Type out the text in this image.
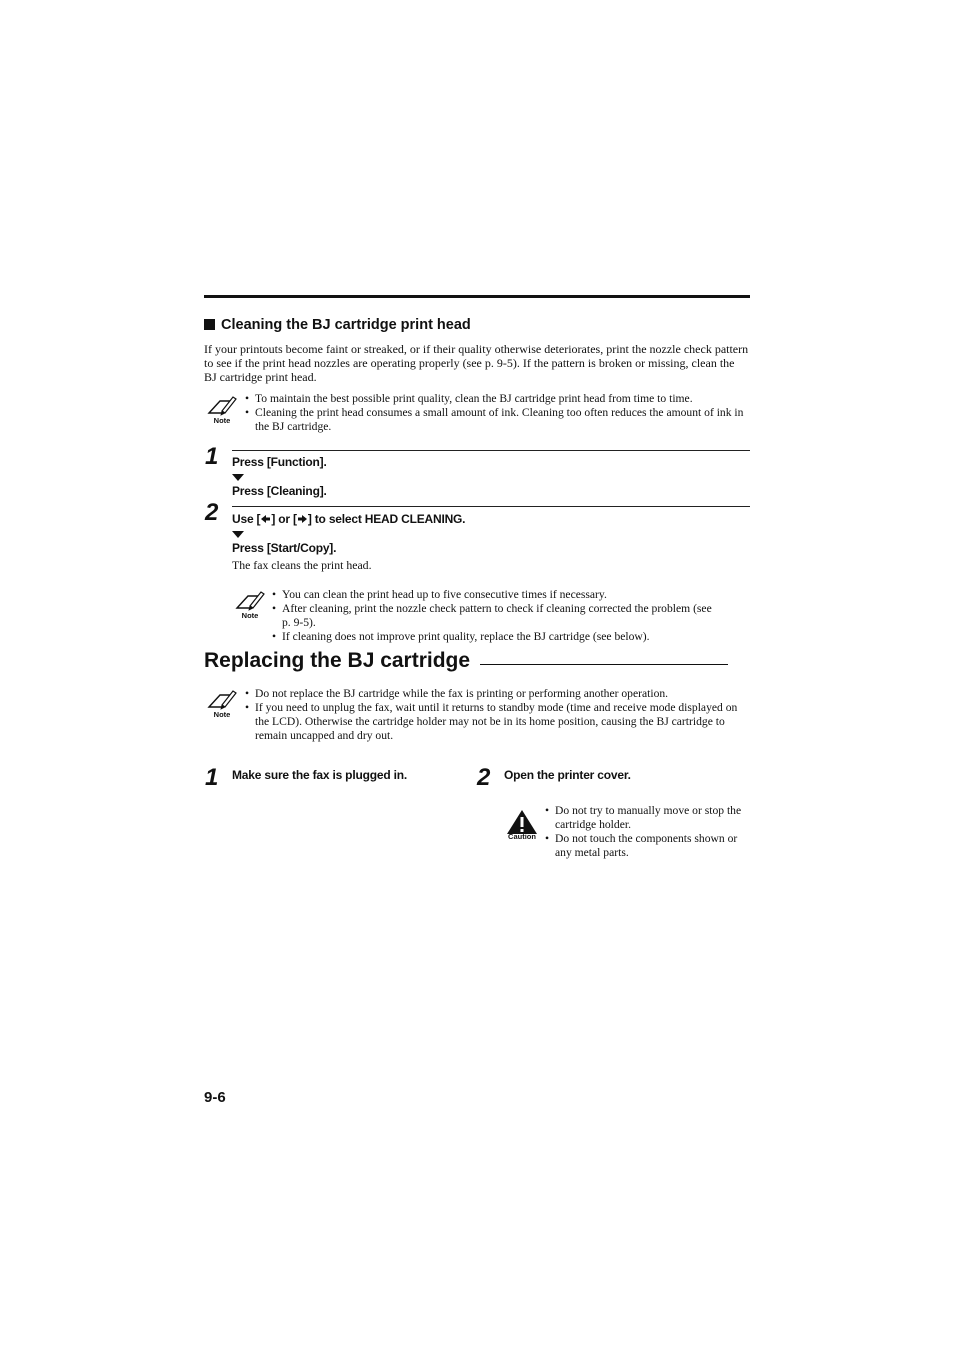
Cleaning the BJ cartridge print head
If your printouts become faint or streaked, or if their quality otherwise deteriorates, print the nozzle check pattern to see if the print head nozzles are operating properly (see p. 9-5). If the pattern is broken or missing, clean the BJ cartridge print head.
Note
• To maintain the best possible print quality, clean the BJ cartridge print head from time to time.
• Cleaning the print head consumes a small amount of ink. Cleaning too often reduces the amount of ink in the BJ cartridge.
1 Press [Function].
Press [Cleaning].
2 Use [ ] or [ ] to select HEAD CLEANING.
Press [Start/Copy].
The fax cleans the print head.
Note
• You can clean the print head up to five consecutive times if necessary.
• After cleaning, print the nozzle check pattern to check if cleaning corrected the problem (see p. 9-5).
• If cleaning does not improve print quality, replace the BJ cartridge (see below).
Replacing the BJ cartridge
Note
• Do not replace the BJ cartridge while the fax is printing or performing another operation.
• If you need to unplug the fax, wait until it returns to standby mode (time and receive mode displayed on the LCD). Otherwise the cartridge holder may not be in its home position, causing the BJ cartridge to remain uncapped and dry out.
1 Make sure the fax is plugged in.	2 Open the printer cover.
Caution
• Do not try to manually move or stop the cartridge holder.
• Do not touch the components shown or any metal parts.
9-6
